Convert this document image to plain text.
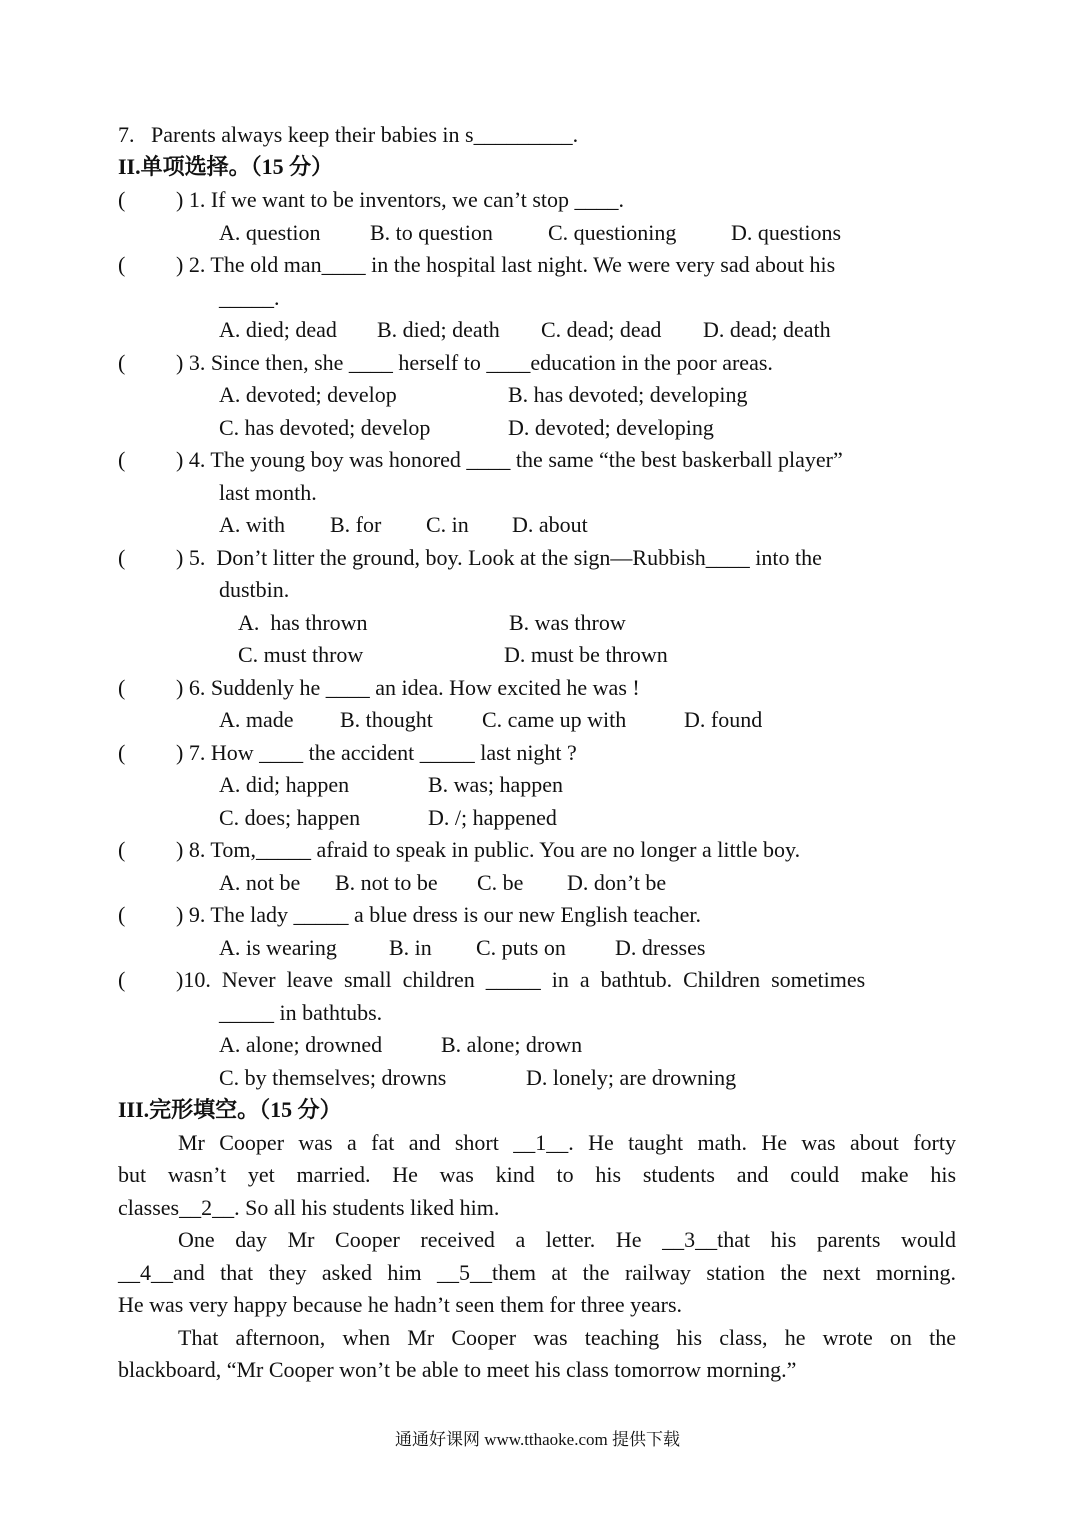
7.   Parents always keep their babies in s_________.
II.单项选择。（15 分）
( ) 1. If we want to be inventors, we can’t stop ____.
A. question B. to question	C. questioning D. questions
( ) 2. The old man____ in the hospital last night. We were very sad about his
_____.
A. died; dead B. died; death C. dead; dead D. dead; death
( ) 3. Since then, she ____ herself to ____education in the poor areas.
A. devoted; develop	B. has devoted; developing
C. has devoted; develop	D. devoted; developing
( ) 4. The young boy was honored ____ the same “the best baskerball player”
last month.
A. with B. for C. in D. about
( ) 5.  Don’t litter the ground, boy. Look at the sign—Rubbish____ into the
dustbin.
A.  has thrown	B. was throw
C. must throw	D. must be thrown
( ) 6. Suddenly he ____ an idea. How excited he was !
A. made B. thought C. came up with	D. found
( ) 7. How ____ the accident _____ last night ?
A. did; happen	B. was; happen
C. does; happen	D. /; happened
( ) 8. Tom,_____ afraid to speak in public. You are no longer a little boy.
A. not be B. not to be C. be D. don’t be
( ) 9. The lady _____ a blue dress is our new English teacher.
A. is wearing B. in C. puts on D. dresses
( )10.  Never  leave  small  children  _____  in  a  bathtub.  Children  sometimes
_____ in bathtubs.
A. alone; drowned	B. alone; drown
C. by themselves; drowns	D. lonely; are drowning
III.完形填空。（15 分）
Mr Cooper was a fat and short __1__. He taught math. He was about forty
but wasn’t yet married. He was kind to his students and could make his
classes__2__. So all his students liked him.
One day Mr Cooper received a letter. He __3__that his parents would
__4__and that they asked him __5__them at the railway station the next morning.
He was very happy because he hadn’t seen them for three years.
That afternoon, when Mr Cooper was teaching his class, he wrote on the
blackboard, “Mr Cooper won’t be able to meet his class tomorrow morning.”
通通好课网 www.tthaoke.com 提供下载
